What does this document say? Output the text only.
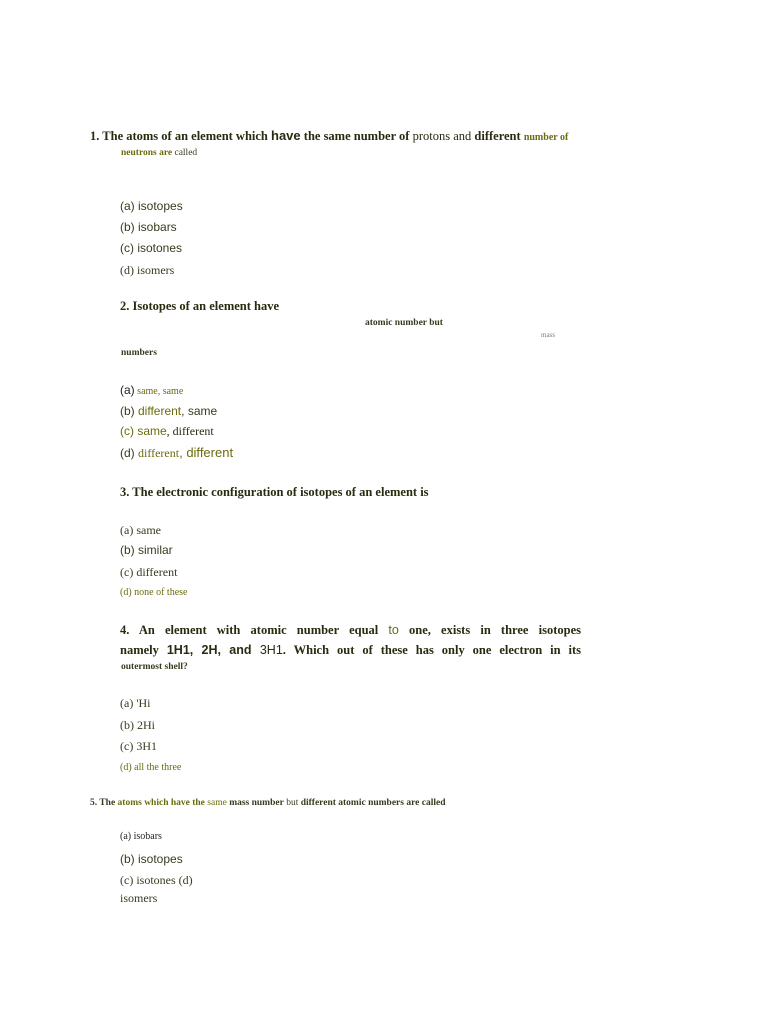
1. The atoms of an element which have the same number of protons and different number of
neutrons are called
(a) isotopes
(b) isobars
(c) isotones
(d) isomers
2. Isotopes of an element have
atomic number but
mass
numbers
(a) same, same
(b) different, same
(c) same, different
(d) different, different
3. The electronic configuration of isotopes of an element is
(a) same
(b) similar
(c) different
(d) none of these
4. An element with atomic number equal to one, exists in three isotopes
namely 1H1, 2H, and 3H1. Which out of these has only one electron in its
outermost shell?
(a) 'Hi
(b) 2Hi
(c) 3H1
(d) all the three
5. The atoms which have the same mass number but different atomic numbers are called
(a) isobars
(b) isotopes
(c) isotones (d)
isomers
